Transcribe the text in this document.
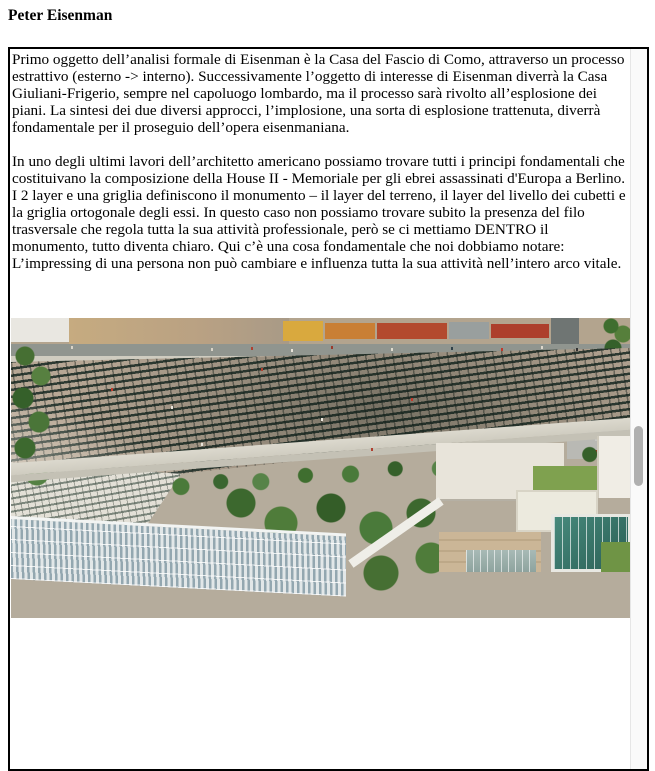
Peter Eisenman

Primo oggetto dell’analisi formale di Eisenman è la Casa del Fascio di Como, attraverso un processo estrattivo (esterno -> interno). Successivamente l’oggetto di interesse di Eisenman diverrà la Casa Giuliani-Frigerio, sempre nel capoluogo lombardo, ma il processo sarà rivolto all’esplosione dei piani. La sintesi dei due diversi approcci, l’implosione, una sorta di esplosione trattenuta, diverrà fondamentale per il proseguio dell’opera eisenmaniana.

In uno degli ultimi lavori dell’architetto americano possiamo trovare tutti i principi fondamentali che costituivano la composizione della House II - Memoriale per gli ebrei assassinati d'Europa a Berlino. I 2 layer e una griglia definiscono il monumento – il layer del terreno, il layer del livello dei cubetti e la griglia ortogonale degli essi. In questo caso non possiamo trovare subito la presenza del filo trasversale che regola tutta la sua attività professionale, però se ci mettiamo DENTRO il monumento, tutto diventa chiaro. Qui c’è una cosa fondamentale che noi dobbiamo notare: L’impressing di una persona non può cambiare e influenza tutta la sua attività nell’intero arco vitale.
